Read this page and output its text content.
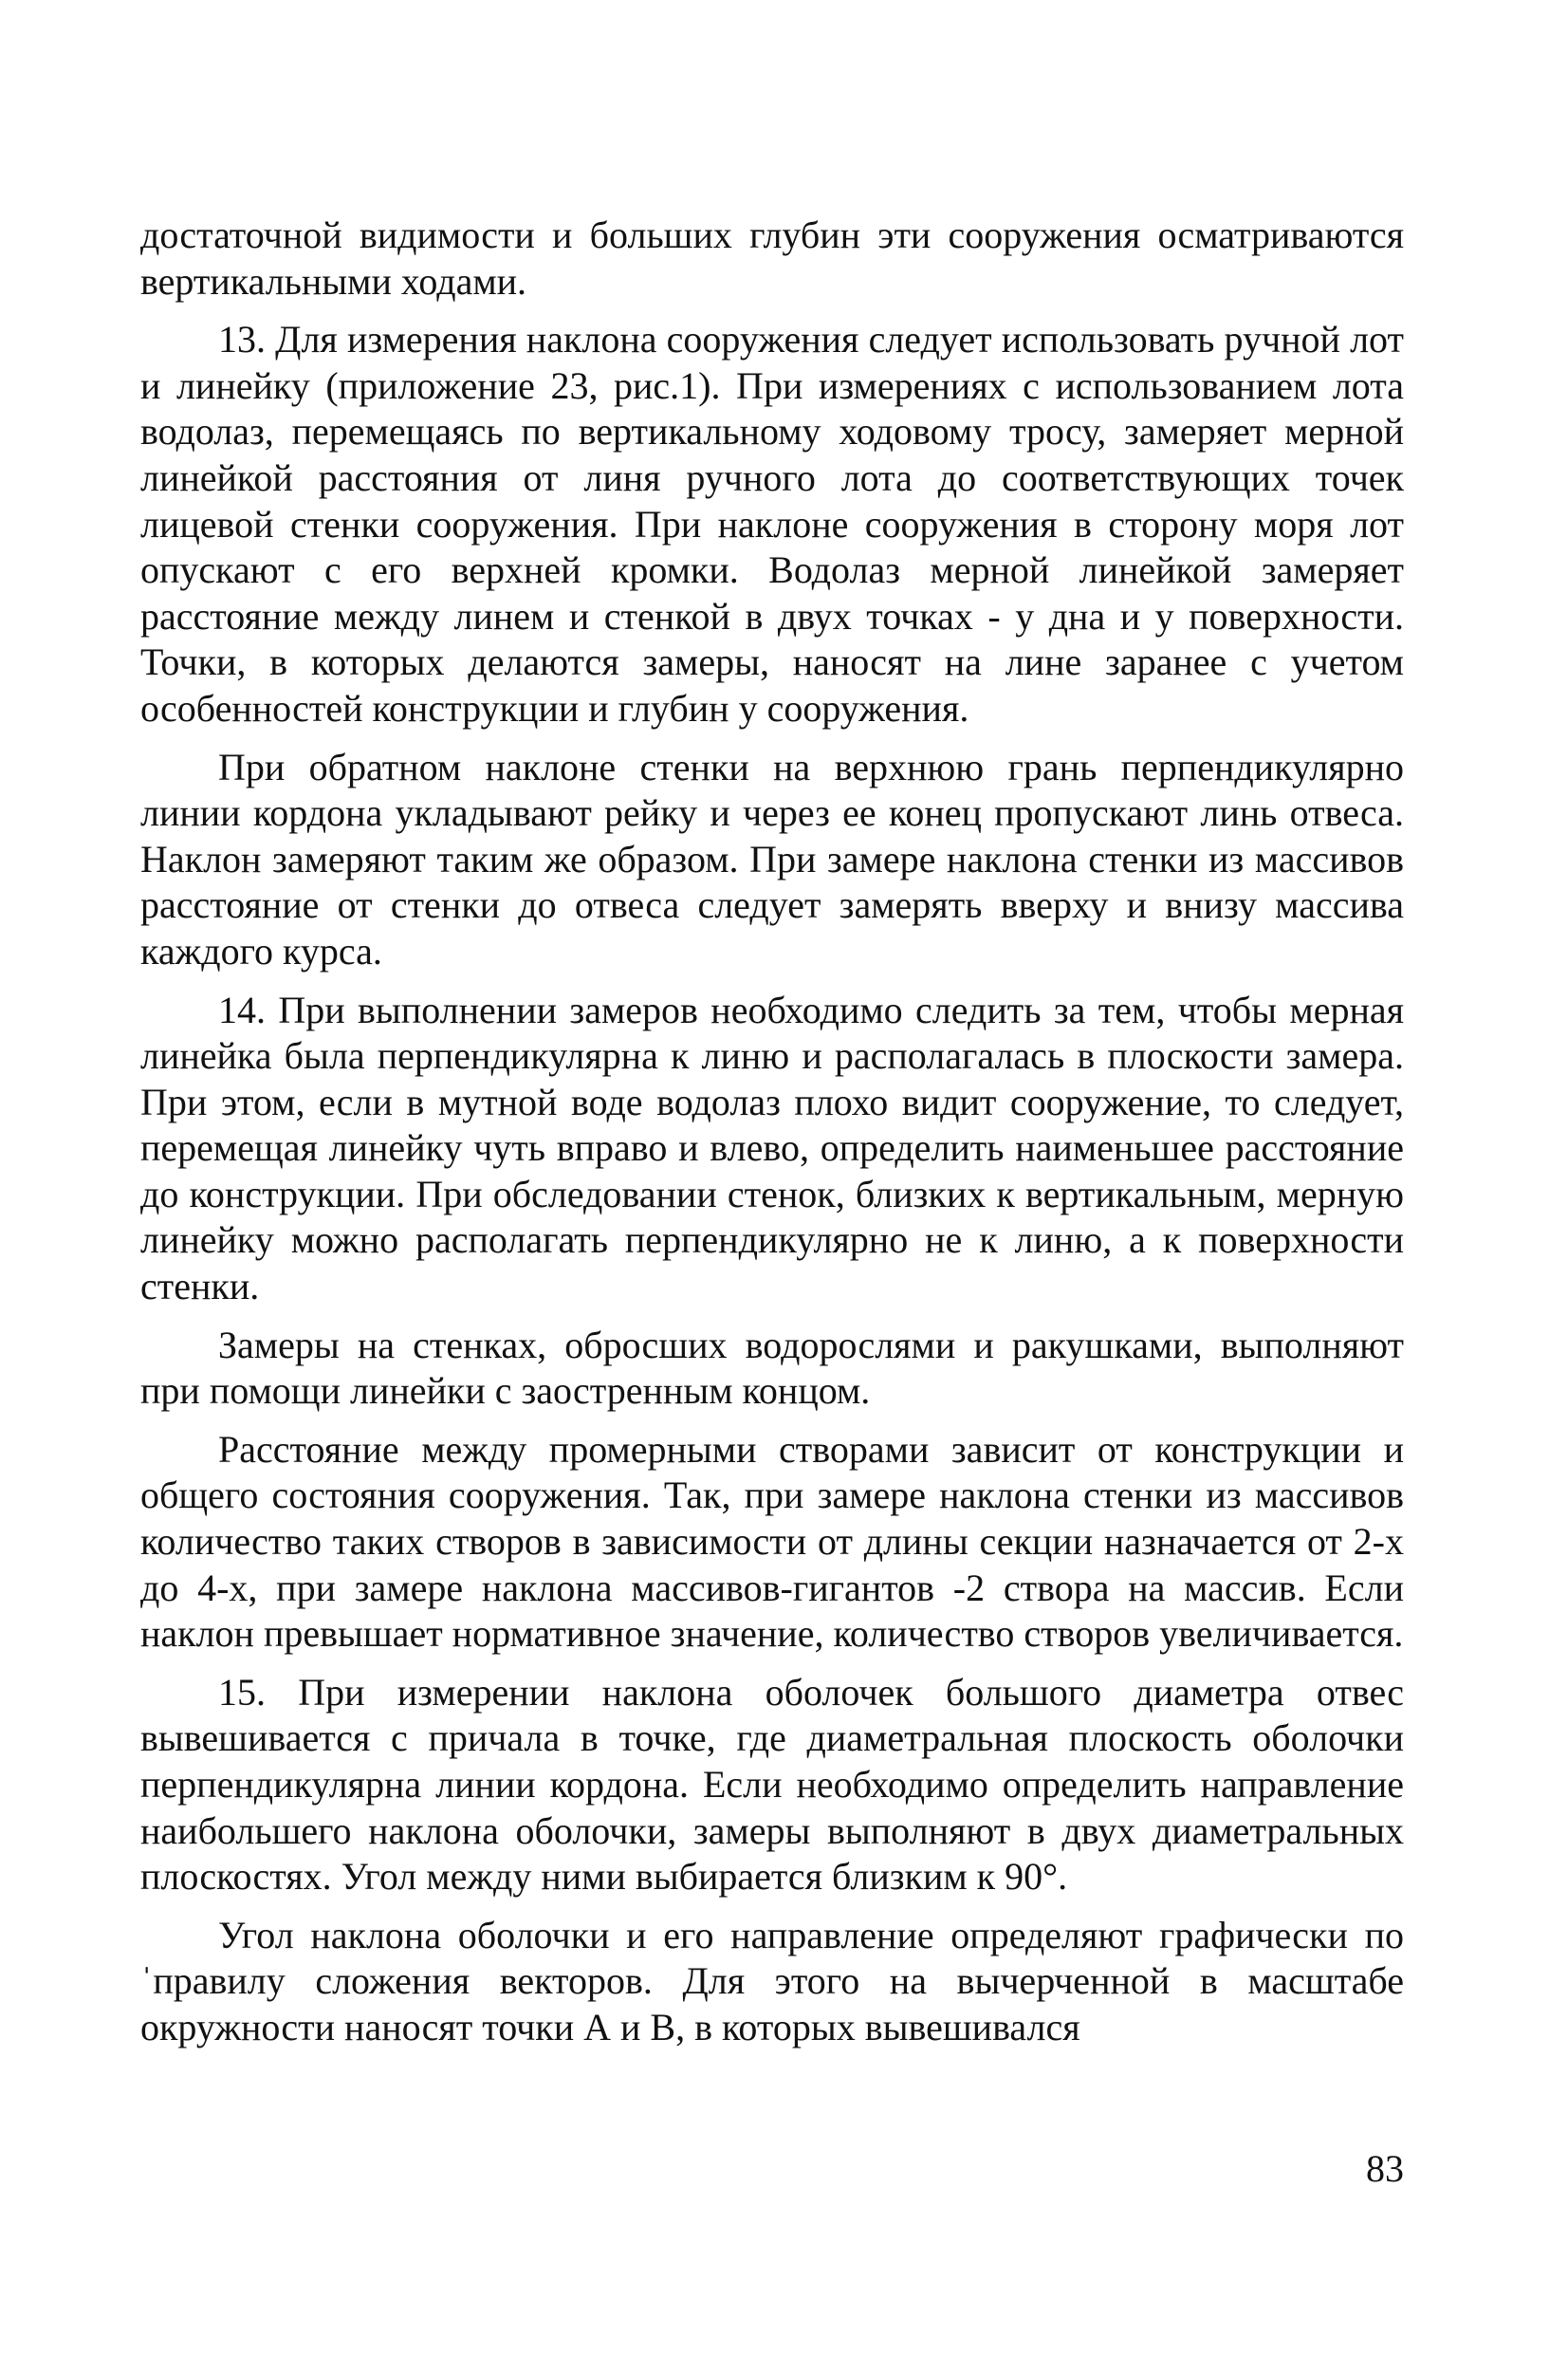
достаточной видимости и больших глубин эти сооружения осматриваются вертикальными ходами.

13. Для измерения наклона сооружения следует использовать ручной лот и линейку (приложение 23, рис.1). При измерениях с использованием лота водолаз, перемещаясь по вертикальному ходовому тросу, замеряет мерной линейкой расстояния от линя ручного лота до соответствующих точек лицевой стенки сооружения. При наклоне сооружения в сторону моря лот опускают с его верхней кромки. Водолаз мерной линейкой замеряет расстояние между линем и стенкой в двух точках - у дна и у поверхности. Точки, в которых делаются замеры, наносят на лине заранее с учетом особенностей конструкции и глубин у сооружения.

При обратном наклоне стенки на верхнюю грань перпендикулярно линии кордона укладывают рейку и через ее конец пропускают линь отвеса. Наклон замеряют таким же образом. При замере наклона стенки из массивов расстояние от стенки до отвеса следует замерять вверху и внизу массива каждого курса.

14. При выполнении замеров необходимо следить за тем, чтобы мерная линейка была перпендикулярна к линю и располагалась в плоскости замера. При этом, если в мутной воде водолаз плохо видит сооружение, то следует, перемещая линейку чуть вправо и влево, определить наименьшее расстояние до конструкции. При обследовании стенок, близких к вертикальным, мерную линейку можно располагать перпендикулярно не к линю, а к поверхности стенки.

Замеры на стенках, обросших водорослями и ракушками, выполняют при помощи линейки с заостренным концом.

Расстояние между промерными створами зависит от конструкции и общего состояния сооружения. Так, при замере наклона стенки из массивов количество таких створов в зависимости от длины секции назначается от 2-х до 4-х, при замере наклона массивов-гигантов -2 створа на массив. Если наклон превышает нормативное значение, количество створов увеличивается.

15. При измерении наклона оболочек большого диаметра отвес вывешивается с причала в точке, где диаметральная плоскость оболочки перпендикулярна линии кордона. Если необходимо определить направление наибольшего наклона оболочки, замеры выполняют в двух диаметральных плоскостях. Угол между ними выбирается близким к 90°.

Угол наклона оболочки и его направление определяют графически по ˈправилу сложения векторов. Для этого на вычерченной в масштабе окружности наносят точки А и В, в которых вывешивался

83
